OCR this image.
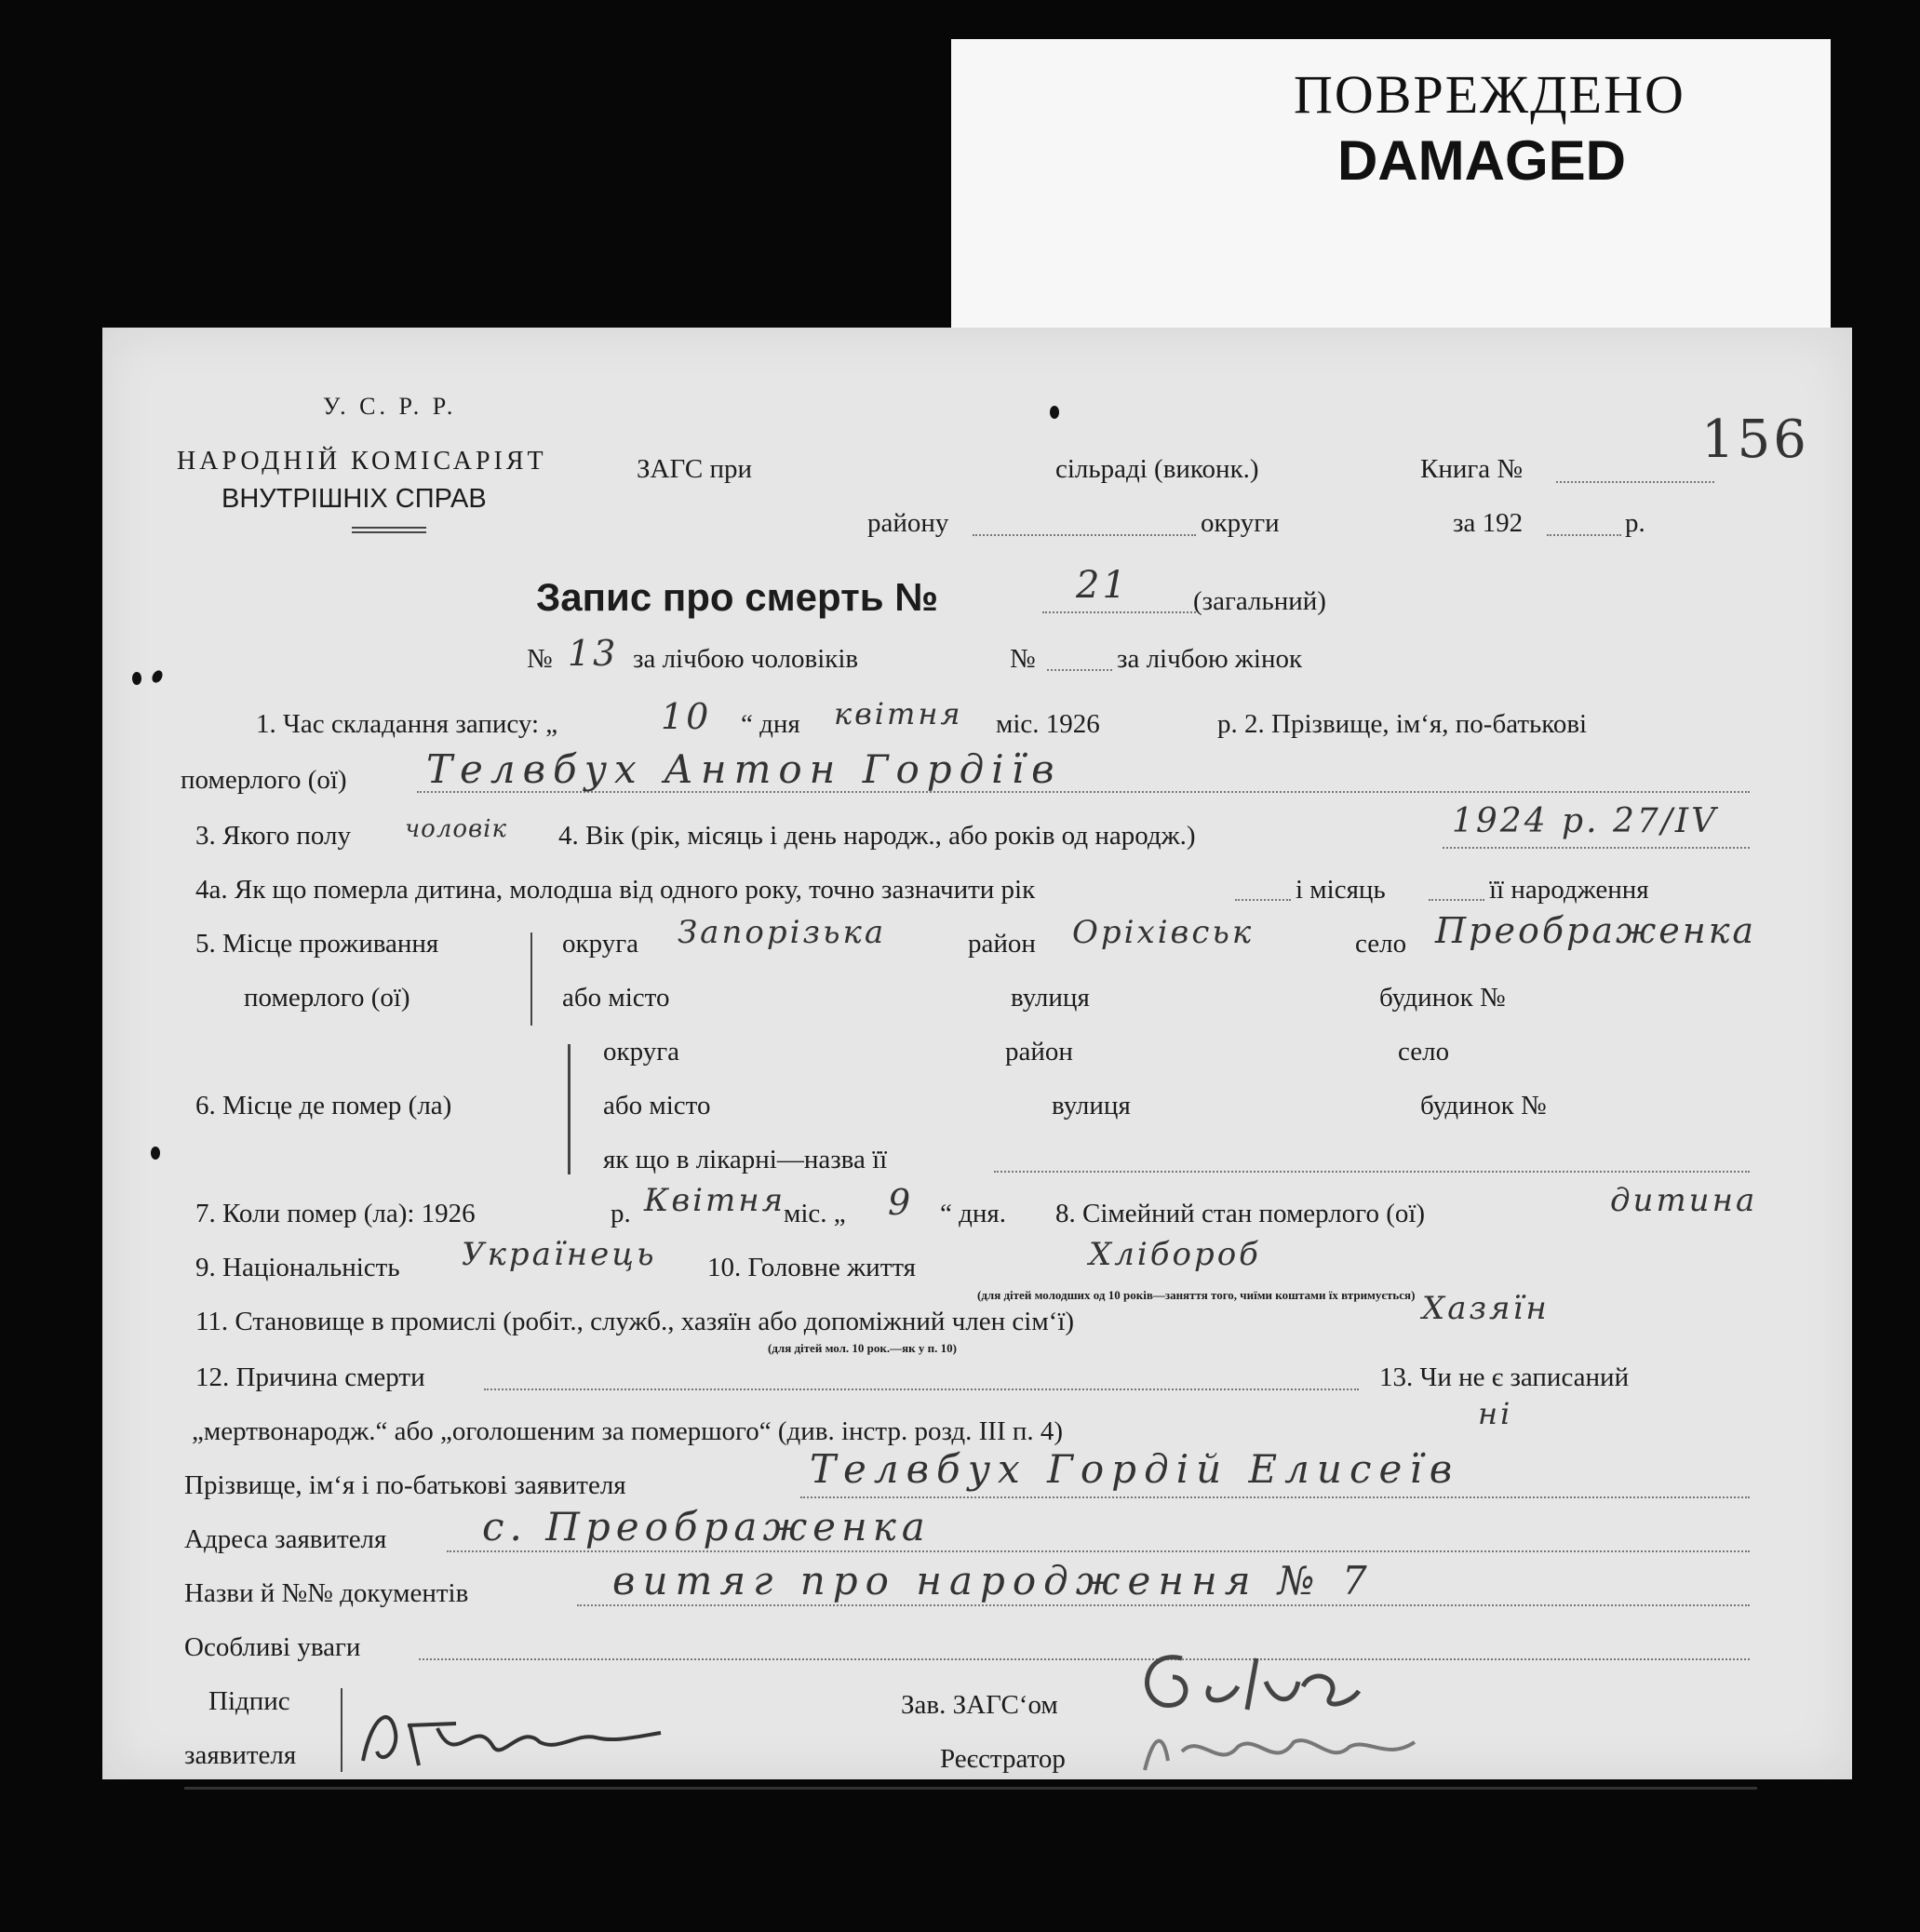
ПОВРЕЖДЕНО
DAMAGED
У. С. Р. Р.
НАРОДНІЙ КОМІСАРІЯТ
ВНУТРІШНІХ СПРАВ
ЗАГС при	сільраді (виконк.)	Книга №	156
району	округи	за 192	р.
Запис про смерть №	21 (загальний)
№ 13 за лічбою чоловіків	№	за лічбою жінок
1. Час складання запису: „	10 “ дня квітня міс. 1926	р. 2. Прізвище, ім‘я, по-батькові
померлого (ої) Телвбух Антон Гордіїв
3. Якого полу чоловік 4. Вік (рік, місяць і день народж., або років од народж.)	1924 р. 27/IV
4а. Як що померла дитина, молодша від одного року, точно зазначити рік	і місяць	її народження
5. Місце проживання
померлого (ої)
округа Запорізька	район Оріхівськ	село Преображенка
або місто	вулиця	будинок №
округа	район	село
6. Місце де помер (ла)	або місто	вулиця	будинок №
як що в лікарні—назва її
7. Коли помер (ла): 1926	р. Квітня
міс. „ 9 “ дня. 8. Сімейний стан померлого (ої)	дитина
9. Національність Українець 10. Головне життя	Хлібороб
(для дітей молодших од 10 років—заняття того, чиїми коштами їх втримується)
11. Становище в промислі (робіт., служб., хазяїн або допоміжний член сім‘ї)	Хазяїн
(для дітей мол. 10 рок.—як у п. 10)
12. Причина смерти	13. Чи не є записаний
„мертвонародж.“ або „оголошеним за помершого“ (див. інстр. розд. III п. 4)	ні
Прізвище, ім‘я і по-батькові заявителя	Телвбух Гордій Елисеїв
Адреса заявителя с. Преображенка
Назви й №№ документів	витяг про народження № 7
Особливі уваги
Підпис
заявителя
Зав. ЗАГС‘ом
Реєстратор
